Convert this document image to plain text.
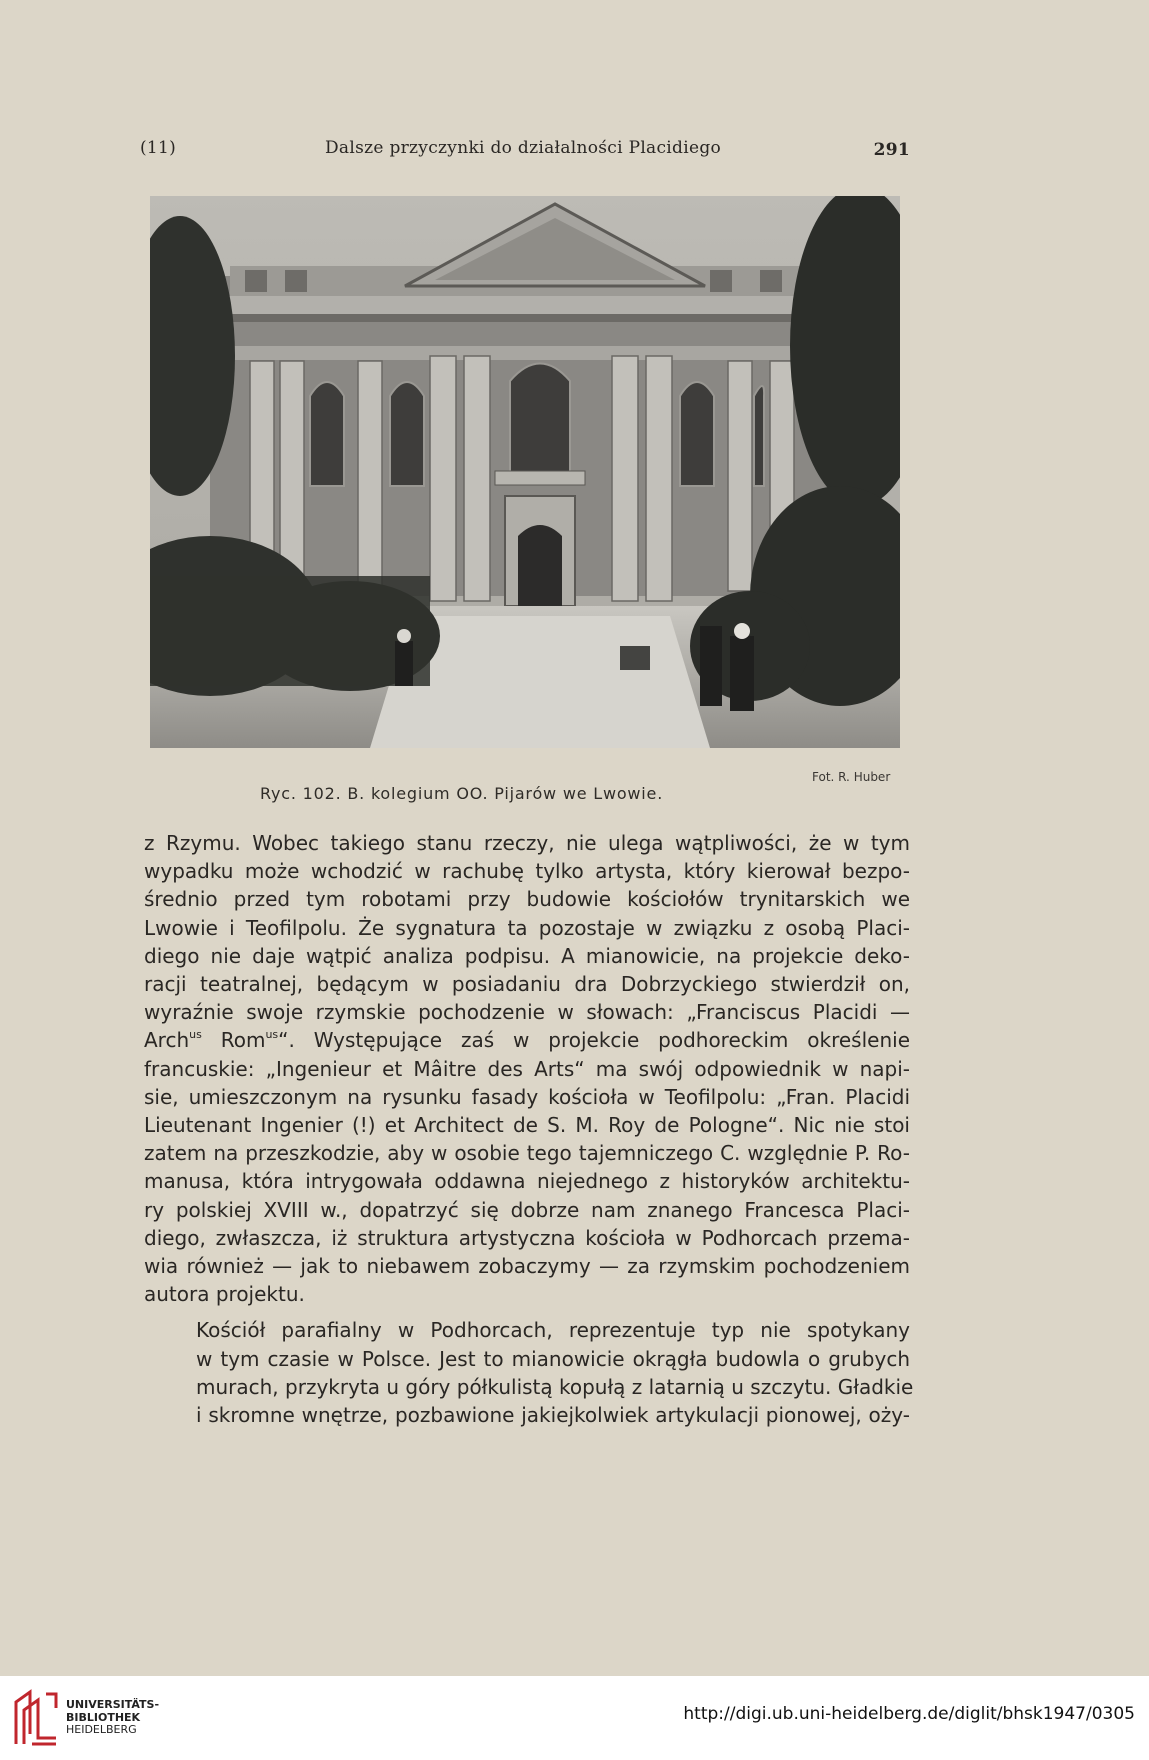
(11)	Dalsze przyczynki do działalności Placidiego	291
Fot. R. Huber
Ryc. 102. B. kolegium OO. Pijarów we Lwowie.

z Rzymu. Wobec takiego stanu rzeczy, nie ulega wątpliwości, że w tym
wypadku może wchodzić w rachubę tylko artysta, który kierował bezpo-
średnio przed tym robotami przy budowie kościołów trynitarskich we
Lwowie i Teofilpolu. Że sygnatura ta pozostaje w związku z osobą Placi-
diego nie daje wątpić analiza podpisu. A mianowicie, na projekcie deko-
racji teatralnej, będącym w posiadaniu dra Dobrzyckiego stwierdził on,
wyraźnie swoje rzymskie pochodzenie w słowach: „Franciscus Placidi —
Arch$^{us}$ Rom$^{us}$“. Występujące zaś w projekcie podhoreckim określenie
francuskie: „Ingenieur et Mâitre des Arts“ ma swój odpowiednik w napi-
sie, umieszczonym na rysunku fasady kościoła w Teofilpolu: „Fran. Placidi
Lieutenant Ingenier (!) et Architect de S. M. Roy de Pologne“. Nic nie stoi
zatem na przeszkodzie, aby w osobie tego tajemniczego C. względnie P. Ro-
manusa, która intrygowała oddawna niejednego z historyków architektu-
ry polskiej XVIII w., dopatrzyć się dobrze nam znanego Francesca Placi-
diego, zwłaszcza, iż struktura artystyczna kościoła w Podhorcach przema-
wia również — jak to niebawem zobaczymy — za rzymskim pochodzeniem
autora projektu.

Kościół parafialny w Podhorcach, reprezentuje typ nie spotykany
w tym czasie w Polsce. Jest to mianowicie okrągła budowla o grubych
murach, przykryta u góry półkulistą kopułą z latarnią u szczytu. Gładkie
i skromne wnętrze, pozbawione jakiejkolwiek artykulacji pionowej, oży-

UNIVERSITÄTS-
BIBLIOTHEK
HEIDELBERG
http://digi.ub.uni-heidelberg.de/diglit/bhsk1947/0305
